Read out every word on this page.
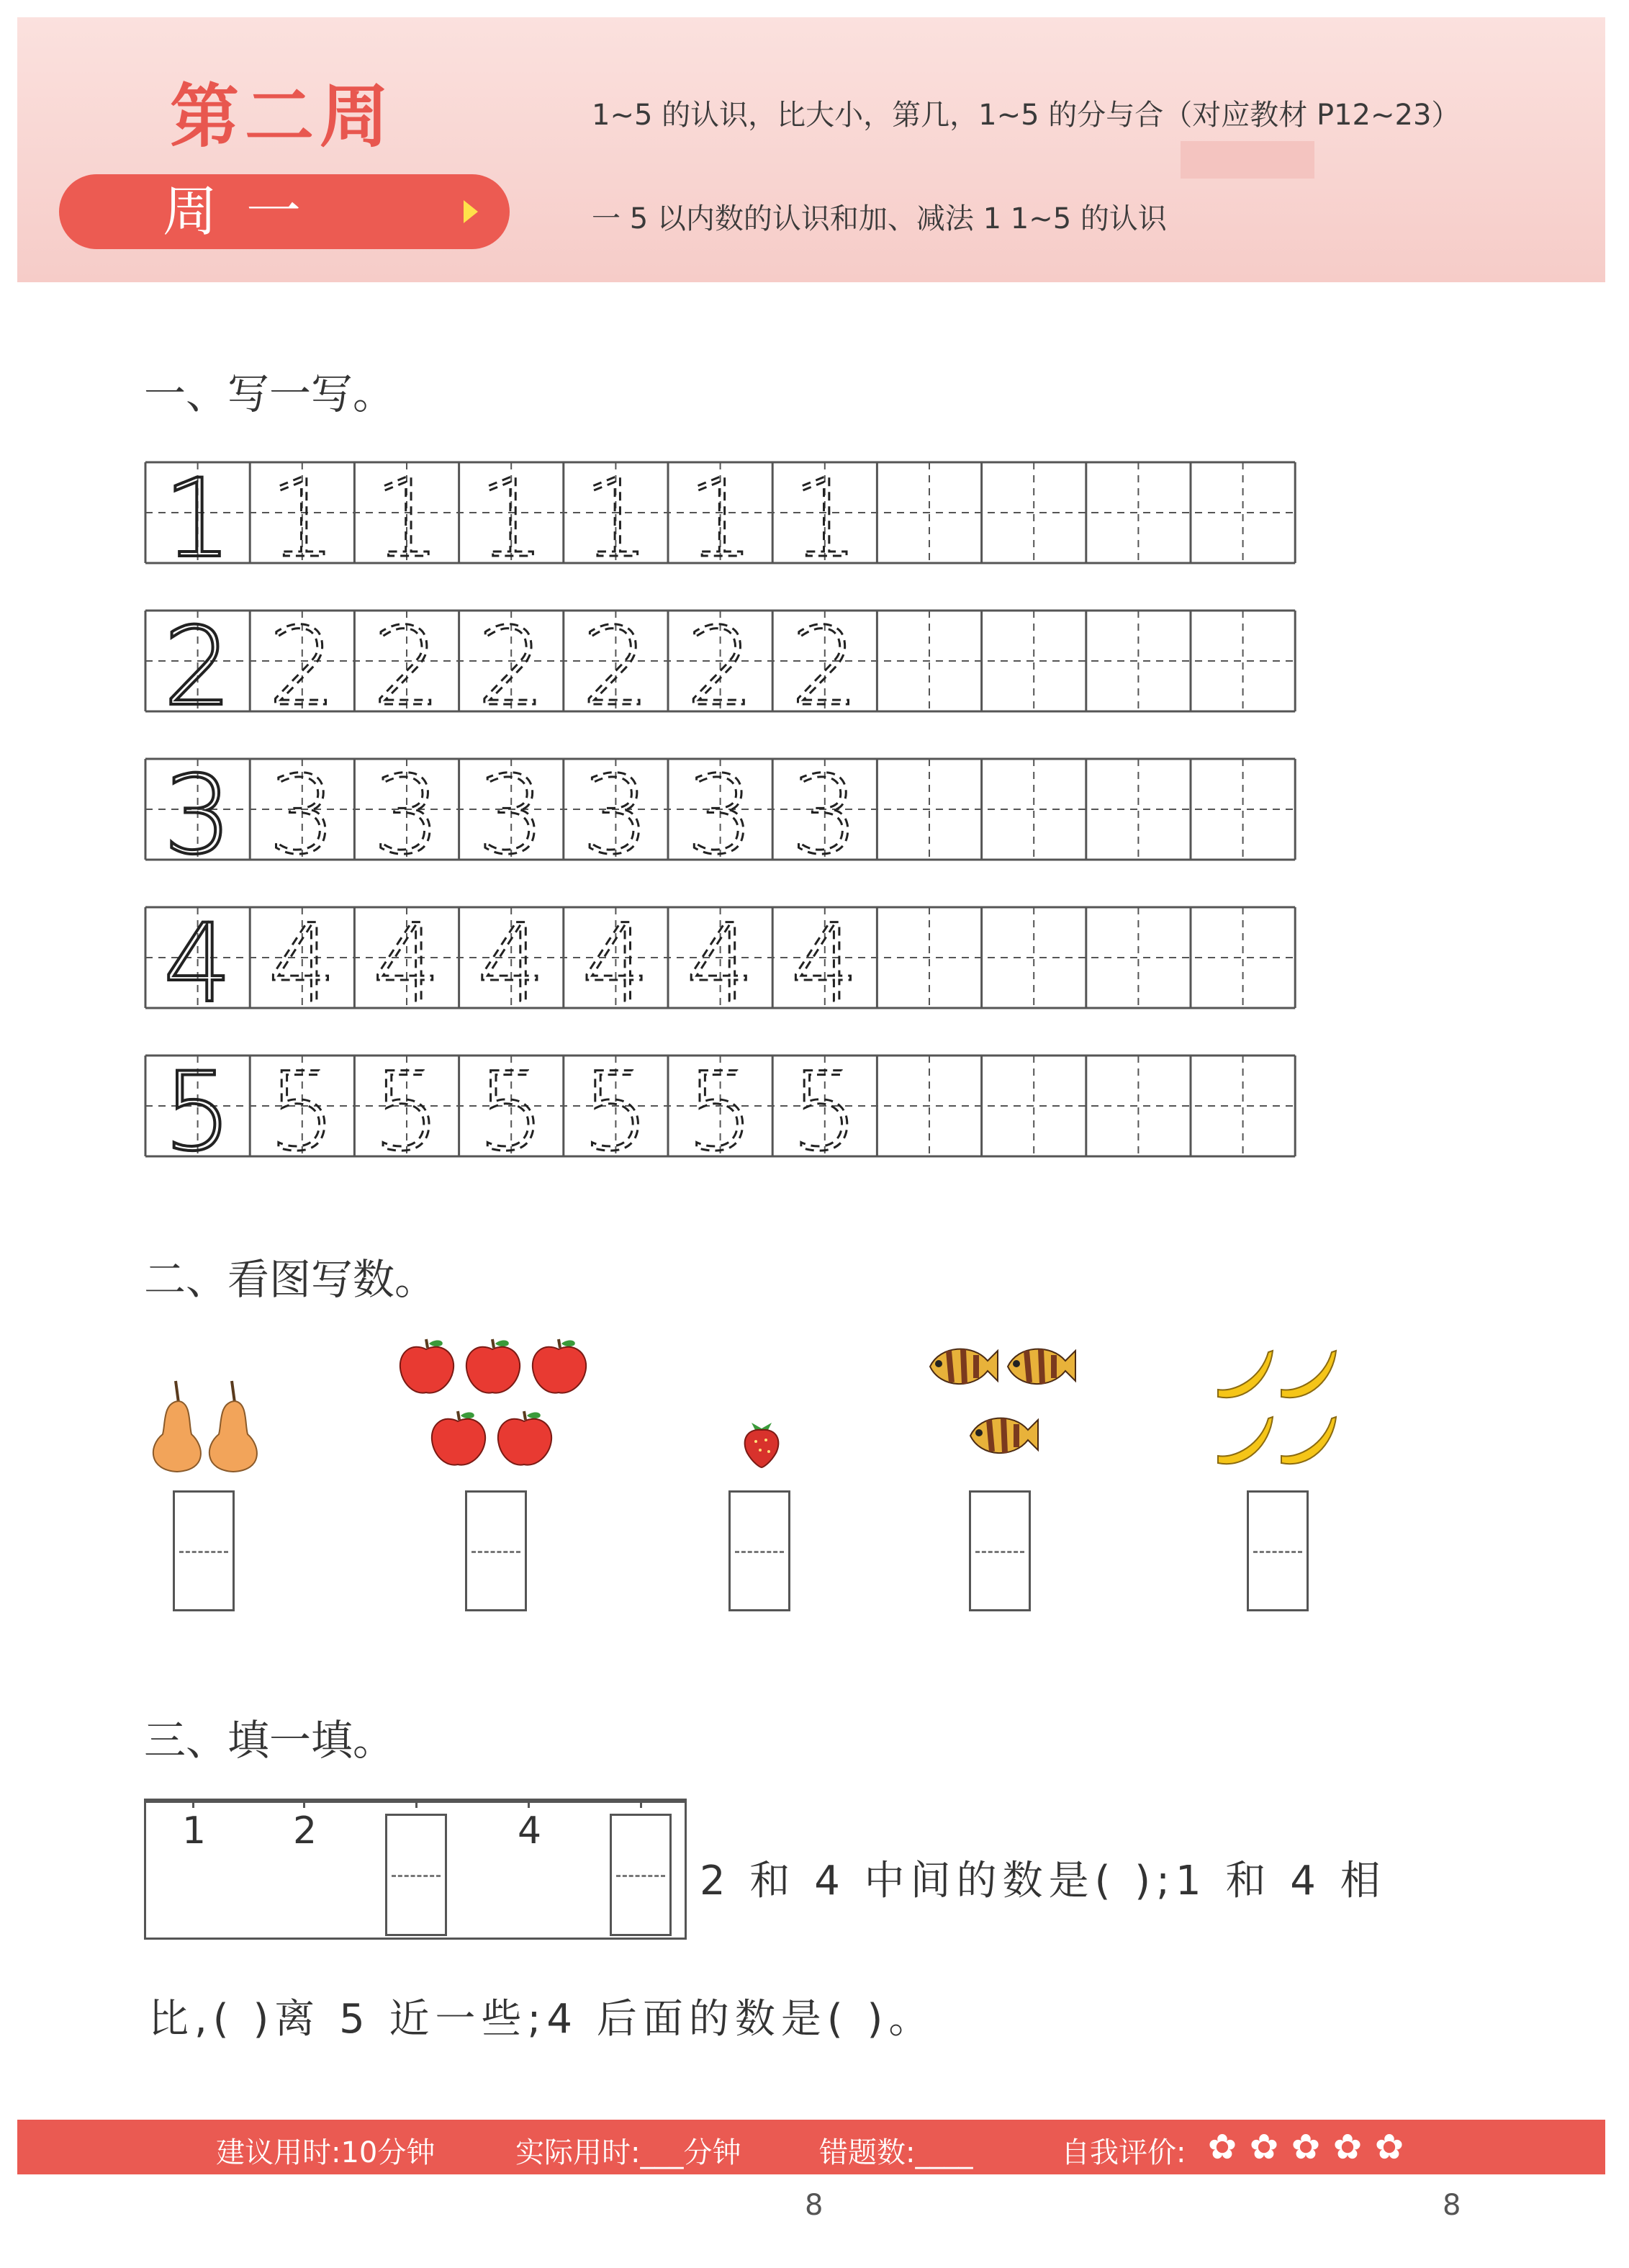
第二周
周一
1~5 的认识，比大小，第几，1~5 的分与合（对应教材 P12~23）
一 5 以内数的认识和加、减法 1 1~5 的认识
一、写一写。
1 1 1 1 1 1 1
2 2 2 2 2 2 2
3 3 3 3 3 3 3
4 4 4 4 4 4 4
5 5 5 5 5 5 5
二、看图写数。
三、填一填。
1 2	4
2 和 4 中间的数是( );1 和 4 相
比,( )离 5 近一些;4 后面的数是( )。
建议用时:10分钟	实际用时:___分钟	错题数:____	自我评价: ✿ ✿ ✿ ✿ ✿
8	8
